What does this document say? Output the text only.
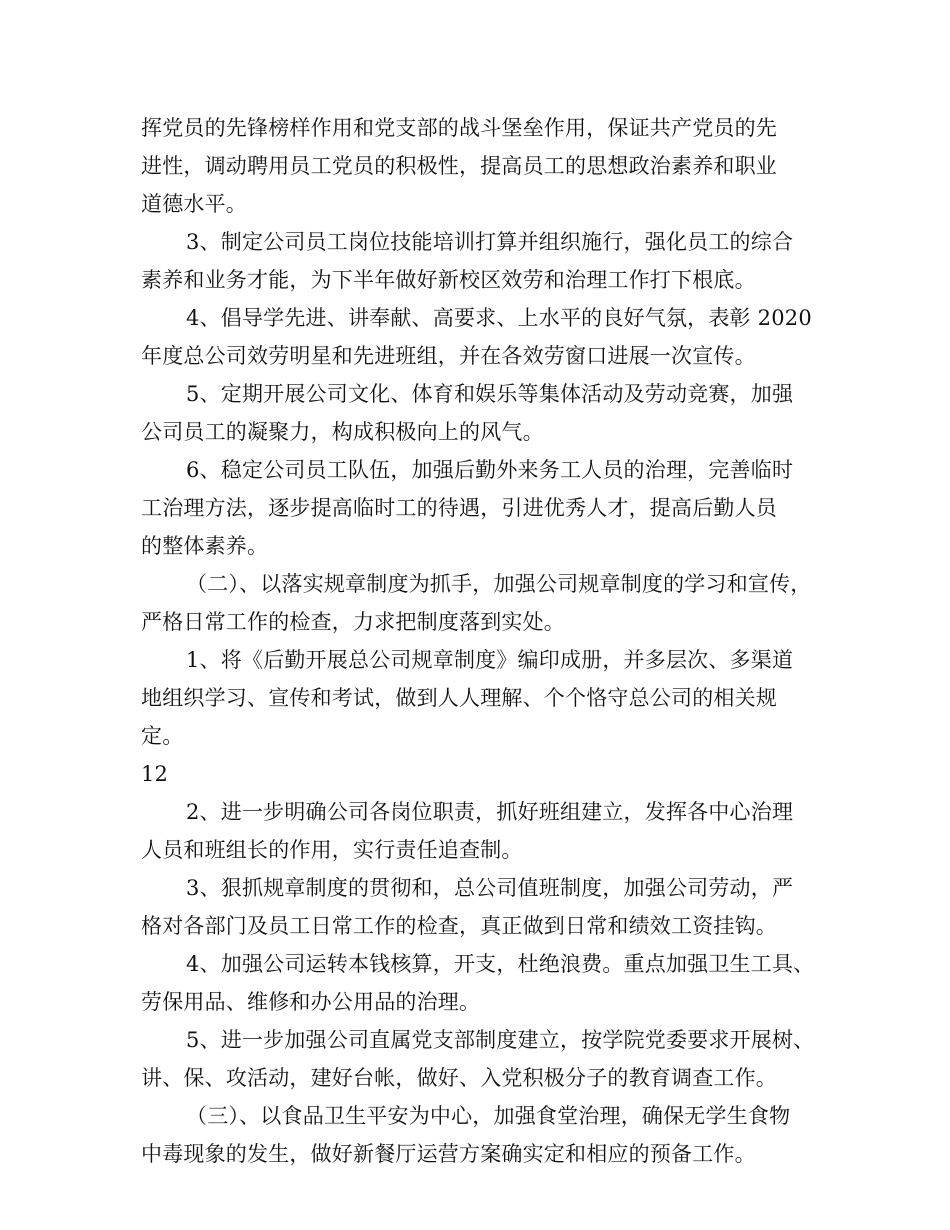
挥党员的先锋榜样作用和党支部的战斗堡垒作用，保证共产党员的先
进性，调动聘用员工党员的积极性，提高员工的思想政治素养和职业
道德水平。
3、制定公司员工岗位技能培训打算并组织施行，强化员工的综合
素养和业务才能，为下半年做好新校区效劳和治理工作打下根底。
4、倡导学先进、讲奉献、高要求、上水平的良好气氛，表彰 2020
年度总公司效劳明星和先进班组，并在各效劳窗口进展一次宣传。
5、定期开展公司文化、体育和娱乐等集体活动及劳动竞赛，加强
公司员工的凝聚力，构成积极向上的风气。
6、稳定公司员工队伍，加强后勤外来务工人员的治理，完善临时
工治理方法，逐步提高临时工的待遇，引进优秀人才，提高后勤人员
的整体素养。
（二）、以落实规章制度为抓手，加强公司规章制度的学习和宣传，
严格日常工作的检查，力求把制度落到实处。
1、将《后勤开展总公司规章制度》编印成册，并多层次、多渠道
地组织学习、宣传和考试，做到人人理解、个个恪守总公司的相关规
定。
12
2、进一步明确公司各岗位职责，抓好班组建立，发挥各中心治理
人员和班组长的作用，实行责任追查制。
3、狠抓规章制度的贯彻和，总公司值班制度，加强公司劳动，严
格对各部门及员工日常工作的检查，真正做到日常和绩效工资挂钩。
4、加强公司运转本钱核算，开支，杜绝浪费。重点加强卫生工具、
劳保用品、维修和办公用品的治理。
5、进一步加强公司直属党支部制度建立，按学院党委要求开展树、
讲、保、攻活动，建好台帐，做好、入党积极分子的教育调查工作。
（三）、以食品卫生平安为中心，加强食堂治理，确保无学生食物
中毒现象的发生，做好新餐厅运营方案确实定和相应的预备工作。
